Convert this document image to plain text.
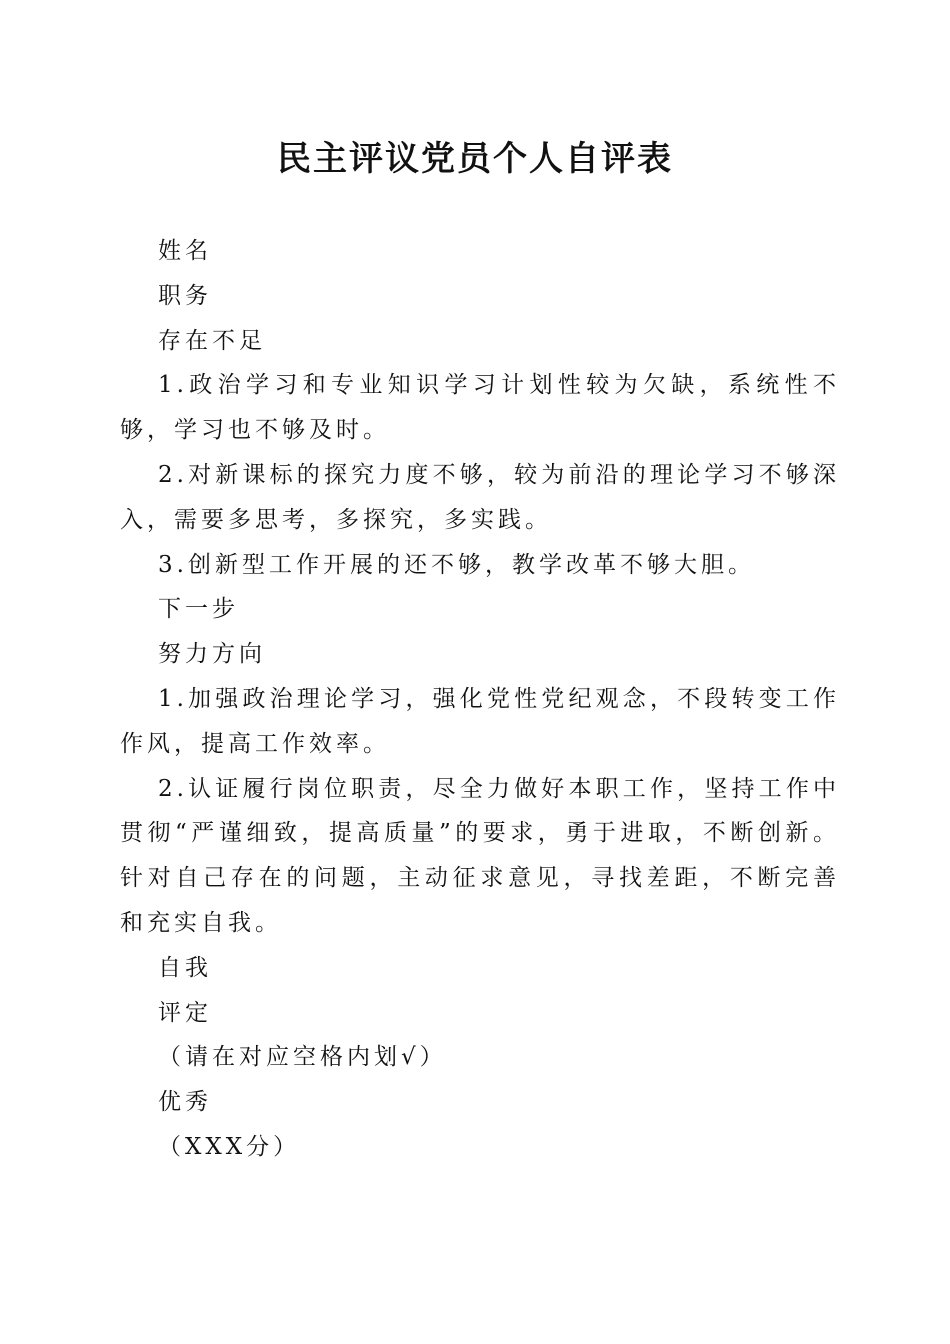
民主评议党员个人自评表

姓名

职务

存在不足

1.政治学习和专业知识学习计划性较为欠缺，系统性不够，学习也不够及时。

2.对新课标的探究力度不够，较为前沿的理论学习不够深入，需要多思考，多探究，多实践。

3.创新型工作开展的还不够，教学改革不够大胆。

下一步

努力方向

1.加强政治理论学习，强化党性党纪观念，不段转变工作作风，提高工作效率。

2.认证履行岗位职责，尽全力做好本职工作，坚持工作中贯彻“严谨细致，提高质量”的要求，勇于进取，不断创新。针对自己存在的问题，主动征求意见，寻找差距，不断完善和充实自我。

自我

评定

（请在对应空格内划√）

优秀

（XXX分）
